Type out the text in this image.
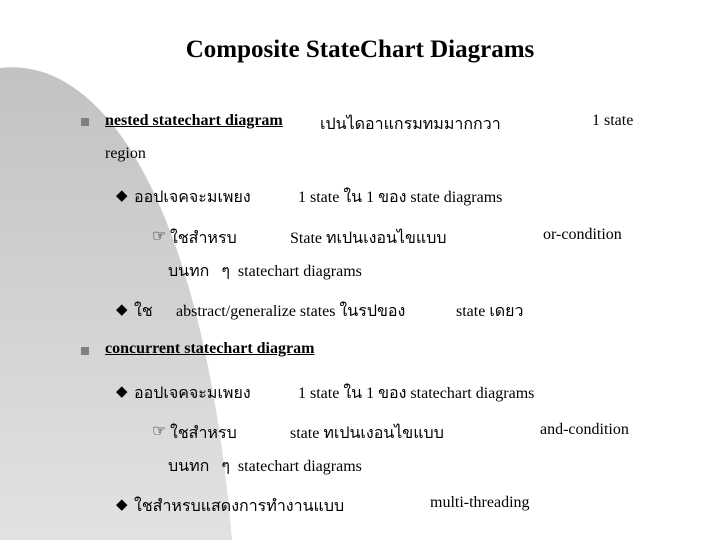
Composite StateChart Diagrams
nested statechart diagram เปนไดอาแกรมทมมากกวา	1 state
region
◆ ออปเจคจะมเพยง	1 state ใน 1 ของ state diagrams
☞ ใชสำหรบ	State ทเปนเงอนไขแบบ	or-condition
บนทก   ๆ  statechart diagrams
◆ ใช abstract/generalize states ในรปของ	state เดยว
concurrent statechart diagram
◆ ออปเจคจะมเพยง	1 state ใน 1 ของ statechart diagrams
☞ ใชสำหรบ	state ทเปนเงอนไขแบบ	and-condition
บนทก   ๆ  statechart diagrams
◆ ใชสำหรบแสดงการทำงานแบบ	multi-threading
